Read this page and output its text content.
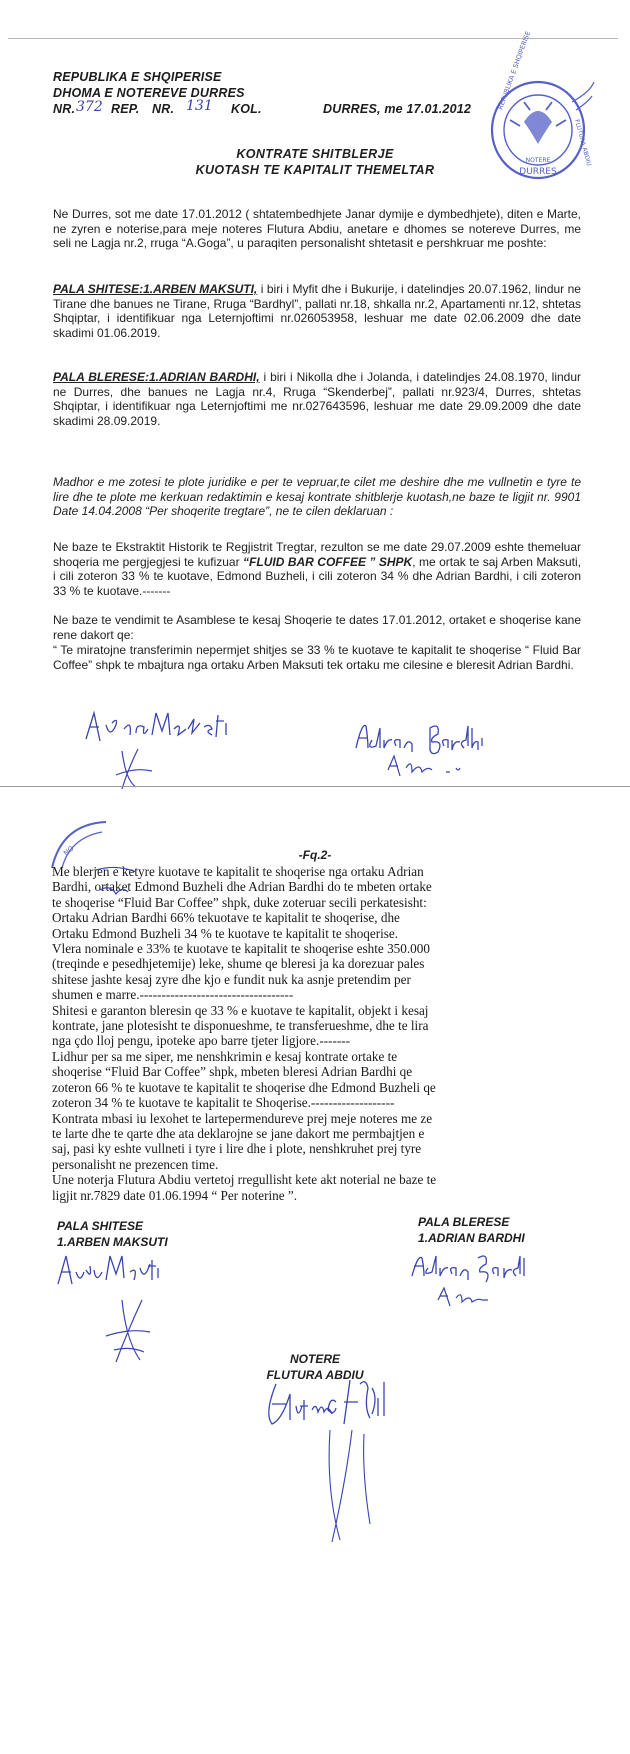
REPUBLIKA E SHQIPERISE
DHOMA E NOTEREVE DURRES
NR. 372 REP. NR. 131 KOL.	DURRES, me 17.01.2012
DURRES
REPUBLIKA E SHQIPERISE
NOTERE	FLUTURA ABDIU
KONTRATE SHITBLERJE
KUOTASH TE KAPITALIT THEMELTAR
Ne Durres, sot me date 17.01.2012 ( shtatembedhjete Janar dymije e dymbedhjete), diten e Marte, ne zyren e noterise,para meje noteres Flutura Abdiu, anetare e dhomes se notereve Durres, me seli ne Lagja nr.2, rruga “A.Goga”, u paraqiten personalisht shtetasit e pershkruar me poshte:
PALA SHITESE:1.ARBEN MAKSUTI, i biri i Myfit dhe i Bukurije, i datelindjes 20.07.1962, lindur ne Tirane dhe banues ne Tirane, Rruga “Bardhyl”, pallati nr.18, shkalla nr.2, Apartamenti nr.12, shtetas Shqiptar, i identifikuar nga Leternjoftimi nr.026053958, leshuar me date 02.06.2009 dhe date skadimi 01.06.2019.
PALA BLERESE:1.ADRIAN BARDHI, i biri i Nikolla dhe i Jolanda, i datelindjes 24.08.1970, lindur ne Durres, dhe banues ne Lagja nr.4, Rruga “Skenderbej”, pallati nr.923/4, Durres, shtetas Shqiptar, i identifikuar nga Leternjoftimi me nr.027643596, leshuar me date 29.09.2009 dhe date skadimi 28.09.2019.
Madhor e me zotesi te plote juridike e per te vepruar,te cilet me deshire dhe me vullnetin e tyre te lire dhe te plote me kerkuan redaktimin e kesaj kontrate shitblerje kuotash,ne baze te ligjit nr. 9901 Date 14.04.2008 “Per shoqerite tregtare”, ne te cilen deklaruan :
Ne baze te Ekstraktit Historik te Regjistrit Tregtar, rezulton se me date 29.07.2009 eshte themeluar shoqeria me pergjegjesi te kufizuar “FLUID BAR COFFEE ” SHPK, me ortak te saj Arben Maksuti, i cili zoteron 33 % te kuotave, Edmond Buzheli, i cili zoteron 34 % dhe Adrian Bardhi, i cili zoteron 33 % te kuotave.-------
Ne baze te vendimit te Asamblese te kesaj Shoqerie te dates 17.01.2012, ortaket e shoqerise kane rene dakort qe:
“ Te miratojne transferimin nepermjet shitjes se 33 % te kuotave te kapitalit te shoqerise “ Fluid Bar Coffee” shpk te mbajtura nga ortaku Arben Maksuti tek ortaku me cilesine e bleresit Adrian Bardhi.
NO	-Fq.2-
Me blerjen e ketyre kuotave te kapitalit te shoqerise nga ortaku Adrian
Bardhi, ortaket Edmond Buzheli dhe Adrian Bardhi do te mbeten ortake
te shoqerise “Fluid Bar Coffee” shpk, duke zoteruar secili perkatesisht:
Ortaku Adrian Bardhi 66% tekuotave te kapitalit te shoqerise, dhe
Ortaku Edmond Buzheli 34 % te kuotave te kapitalit te shoqerise.
Vlera nominale e 33% te kuotave te kapitalit te shoqerise eshte 350.000
(treqinde e pesedhjetemije) leke, shume qe bleresi ja ka dorezuar pales
shitese jashte kesaj zyre dhe kjo e fundit nuk ka asnje pretendim per
shumen e marre.-----------------------------------
Shitesi e garanton bleresin qe 33 % e kuotave te kapitalit, objekt i kesaj
kontrate, jane plotesisht te disponueshme, te transferueshme, dhe te lira
nga çdo lloj pengu, ipoteke apo barre tjeter ligjore.-------
Lidhur per sa me siper, me nenshkrimin e kesaj kontrate ortake te
shoqerise “Fluid Bar Coffee” shpk, mbeten bleresi Adrian Bardhi qe
zoteron 66 % te kuotave te kapitalit te shoqerise dhe Edmond Buzheli qe
zoteron 34 % te kuotave te kapitalit te Shoqerise.-------------------
Kontrata mbasi iu lexohet te lartepermendureve prej meje noteres me ze
te larte dhe te qarte dhe ata deklarojne se jane dakort me permbajtjen e
saj, pasi ky eshte vullneti i tyre i lire dhe i plote, nenshkruhet prej tyre
personalisht ne prezencen time.
Une noterja Flutura Abdiu vertetoj rregullisht kete akt noterial ne baze te
ligjit nr.7829 date 01.06.1994 “ Per noterine ”.
PALA SHITESE
1.ARBEN MAKSUTI
PALA BLERESE
1.ADRIAN BARDHI
NOTERE
FLUTURA ABDIU
